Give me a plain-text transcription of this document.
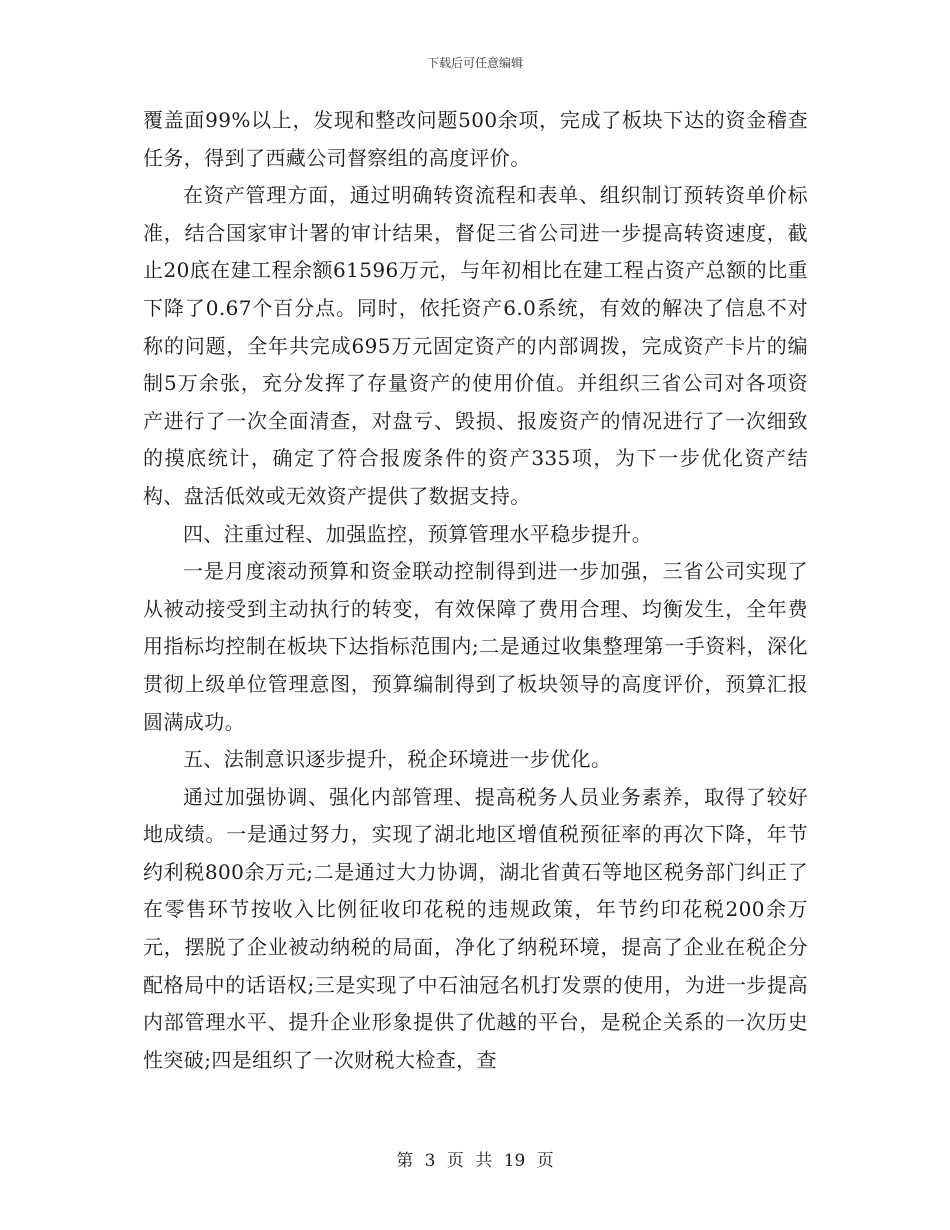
下载后可任意编辑

覆盖面99%以上，发现和整改问题500余项，完成了板块下达的资金稽查任务，得到了西藏公司督察组的高度评价。

在资产管理方面，通过明确转资流程和表单、组织制订预转资单价标准，结合国家审计署的审计结果，督促三省公司进一步提高转资速度，截止20底在建工程余额61596万元，与年初相比在建工程占资产总额的比重下降了0.67个百分点。同时，依托资产6.0系统，有效的解决了信息不对称的问题，全年共完成695万元固定资产的内部调拨，完成资产卡片的编制5万余张，充分发挥了存量资产的使用价值。并组织三省公司对各项资产进行了一次全面清查，对盘亏、毁损、报废资产的情况进行了一次细致的摸底统计，确定了符合报废条件的资产335项，为下一步优化资产结构、盘活低效或无效资产提供了数据支持。

四、注重过程、加强监控，预算管理水平稳步提升。

一是月度滚动预算和资金联动控制得到进一步加强，三省公司实现了从被动接受到主动执行的转变，有效保障了费用合理、均衡发生，全年费用指标均控制在板块下达指标范围内;二是通过收集整理第一手资料，深化贯彻上级单位管理意图，预算编制得到了板块领导的高度评价，预算汇报圆满成功。

五、法制意识逐步提升，税企环境进一步优化。

通过加强协调、强化内部管理、提高税务人员业务素养，取得了较好地成绩。一是通过努力，实现了湖北地区增值税预征率的再次下降，年节约利税800余万元;二是通过大力协调，湖北省黄石等地区税务部门纠正了在零售环节按收入比例征收印花税的违规政策，年节约印花税200余万元，摆脱了企业被动纳税的局面，净化了纳税环境，提高了企业在税企分配格局中的话语权;三是实现了中石油冠名机打发票的使用，为进一步提高内部管理水平、提升企业形象提供了优越的平台，是税企关系的一次历史性突破;四是组织了一次财税大检查，查

第 3 页 共 19 页
